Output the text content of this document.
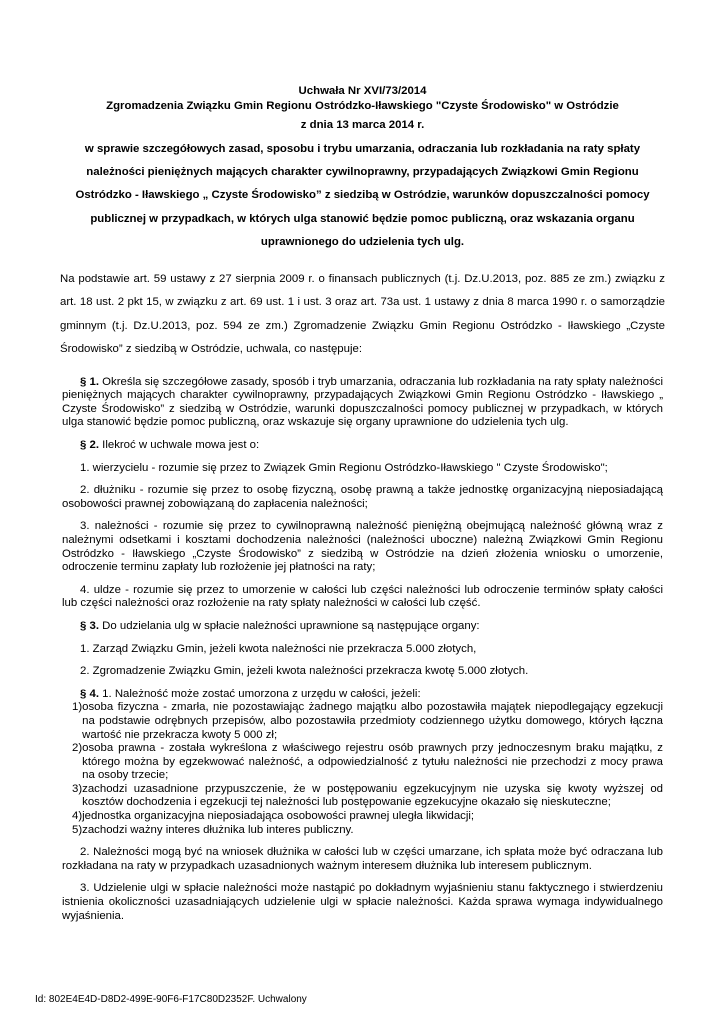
Uchwała Nr XVI/73/2014
Zgromadzenia Związku Gmin Regionu Ostródzko-Iławskiego "Czyste Środowisko" w Ostródzie
z dnia 13 marca 2014 r.
w sprawie szczegółowych zasad, sposobu i trybu umarzania, odraczania lub rozkładania na raty spłaty należności pieniężnych mających charakter cywilnoprawny, przypadających Związkowi Gmin Regionu Ostródzko - Iławskiego „ Czyste Środowisko” z siedzibą w Ostródzie, warunków dopuszczalności pomocy publicznej w przypadkach, w których ulga stanowić będzie pomoc publiczną, oraz wskazania organu uprawnionego do udzielenia tych ulg.

Na podstawie art. 59 ustawy z 27 sierpnia 2009 r. o finansach publicznych (t.j. Dz.U.2013, poz. 885 ze zm.) związku z art. 18 ust. 2 pkt 15, w związku z art. 69 ust. 1 i ust. 3 oraz art. 73a ust. 1 ustawy z dnia 8 marca 1990 r. o samorządzie gminnym (t.j. Dz.U.2013, poz. 594 ze zm.) Zgromadzenie Związku Gmin Regionu Ostródzko - Iławskiego „Czyste Środowisko” z siedzibą w Ostródzie, uchwala, co następuje:

§ 1. Określa się szczegółowe zasady, sposób i tryb umarzania, odraczania lub rozkładania na raty spłaty należności pieniężnych mających charakter cywilnoprawny, przypadających Związkowi Gmin Regionu Ostródzko - Iławskiego „ Czyste Środowisko” z siedzibą w Ostródzie, warunki dopuszczalności pomocy publicznej w przypadkach, w których ulga stanowić będzie pomoc publiczną, oraz wskazuje się organy uprawnione do udzielenia tych ulg.

§ 2. Ilekroć w uchwale mowa jest o:

1. wierzycielu - rozumie się przez to Związek Gmin Regionu Ostródzko-Iławskiego " Czyste Środowisko";

2. dłużniku - rozumie się przez to osobę fizyczną, osobę prawną a także jednostkę organizacyjną nieposiadającą osobowości prawnej zobowiązaną do zapłacenia należności;

3. należności - rozumie się przez to cywilnoprawną należność pieniężną obejmującą należność główną wraz z należnymi odsetkami i kosztami dochodzenia należności (należności uboczne) należną Związkowi Gmin Regionu Ostródzko - Iławskiego „Czyste Środowisko” z siedzibą w Ostródzie na dzień złożenia wniosku o umorzenie, odroczenie terminu zapłaty lub rozłożenie jej płatności na raty;

4. uldze - rozumie się przez to umorzenie w całości lub części należności lub odroczenie terminów spłaty całości lub części należności oraz rozłożenie na raty spłaty należności w całości lub część.

§ 3. Do udzielania ulg w spłacie należności uprawnione są następujące organy:

1. Zarząd Związku Gmin, jeżeli kwota należności nie przekracza 5.000 złotych,

2. Zgromadzenie Związku Gmin, jeżeli kwota należności przekracza kwotę 5.000 złotych.

§ 4. 1. Należność może zostać umorzona z urzędu w całości, jeżeli:

1) osoba fizyczna - zmarła, nie pozostawiając żadnego majątku albo pozostawiła majątek niepodlegający egzekucji na podstawie odrębnych przepisów, albo pozostawiła przedmioty codziennego użytku domowego, których łączna wartość nie przekracza kwoty 5 000 zł;
2) osoba prawna - została wykreślona z właściwego rejestru osób prawnych przy jednoczesnym braku majątku, z którego można by egzekwować należność, a odpowiedzialność z tytułu należności nie przechodzi z mocy prawa na osoby trzecie;
3) zachodzi uzasadnione przypuszczenie, że w postępowaniu egzekucyjnym nie uzyska się kwoty wyższej od kosztów dochodzenia i egzekucji tej należności lub postępowanie egzekucyjne okazało się nieskuteczne;
4) jednostka organizacyjna nieposiadająca osobowości prawnej uległa likwidacji;
5) zachodzi ważny interes dłużnika lub interes publiczny.

2. Należności mogą być na wniosek dłużnika w całości lub w części umarzane, ich spłata może być odraczana lub rozkładana na raty w przypadkach uzasadnionych ważnym interesem dłużnika lub interesem publicznym.

3. Udzielenie ulgi w spłacie należności może nastąpić po dokładnym wyjaśnieniu stanu faktycznego i stwierdzeniu istnienia okoliczności uzasadniających udzielenie ulgi w spłacie należności. Każda sprawa wymaga indywidualnego wyjaśnienia.

Id: 802E4E4D-D8D2-499E-90F6-F17C80D2352F. Uchwalony
